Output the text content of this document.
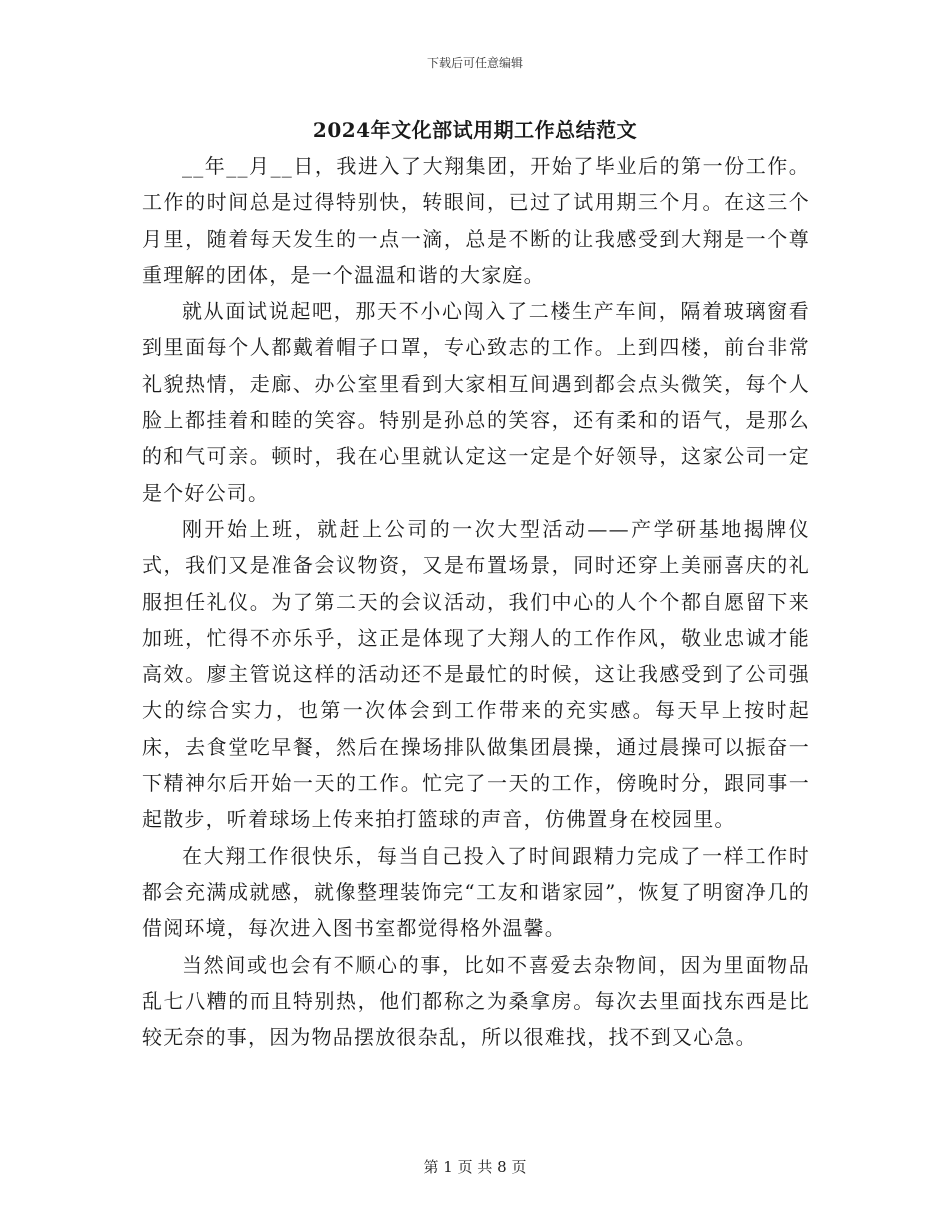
下载后可任意编辑
2024年文化部试用期工作总结范文

__年__月__日，我进入了大翔集团，开始了毕业后的第一份工作。工作的时间总是过得特别快，转眼间，已过了试用期三个月。在这三个月里，随着每天发生的一点一滴，总是不断的让我感受到大翔是一个尊重理解的团体，是一个温温和谐的大家庭。

就从面试说起吧，那天不小心闯入了二楼生产车间，隔着玻璃窗看到里面每个人都戴着帽子口罩，专心致志的工作。上到四楼，前台非常礼貌热情，走廊、办公室里看到大家相互间遇到都会点头微笑，每个人脸上都挂着和睦的笑容。特别是孙总的笑容，还有柔和的语气，是那么的和气可亲。顿时，我在心里就认定这一定是个好领导，这家公司一定是个好公司。

刚开始上班，就赶上公司的一次大型活动——产学研基地揭牌仪式，我们又是准备会议物资，又是布置场景，同时还穿上美丽喜庆的礼服担任礼仪。为了第二天的会议活动，我们中心的人个个都自愿留下来加班，忙得不亦乐乎，这正是体现了大翔人的工作作风，敬业忠诚才能高效。廖主管说这样的活动还不是最忙的时候，这让我感受到了公司强大的综合实力，也第一次体会到工作带来的充实感。每天早上按时起床，去食堂吃早餐，然后在操场排队做集团晨操，通过晨操可以振奋一下精神尔后开始一天的工作。忙完了一天的工作，傍晚时分，跟同事一起散步，听着球场上传来拍打篮球的声音，仿佛置身在校园里。

在大翔工作很快乐，每当自己投入了时间跟精力完成了一样工作时都会充满成就感，就像整理装饰完“工友和谐家园”，恢复了明窗净几的借阅环境，每次进入图书室都觉得格外温馨。

当然间或也会有不顺心的事，比如不喜爱去杂物间，因为里面物品乱七八糟的而且特别热，他们都称之为桑拿房。每次去里面找东西是比较无奈的事，因为物品摆放很杂乱，所以很难找，找不到又心急。

第 1 页 共 8 页
